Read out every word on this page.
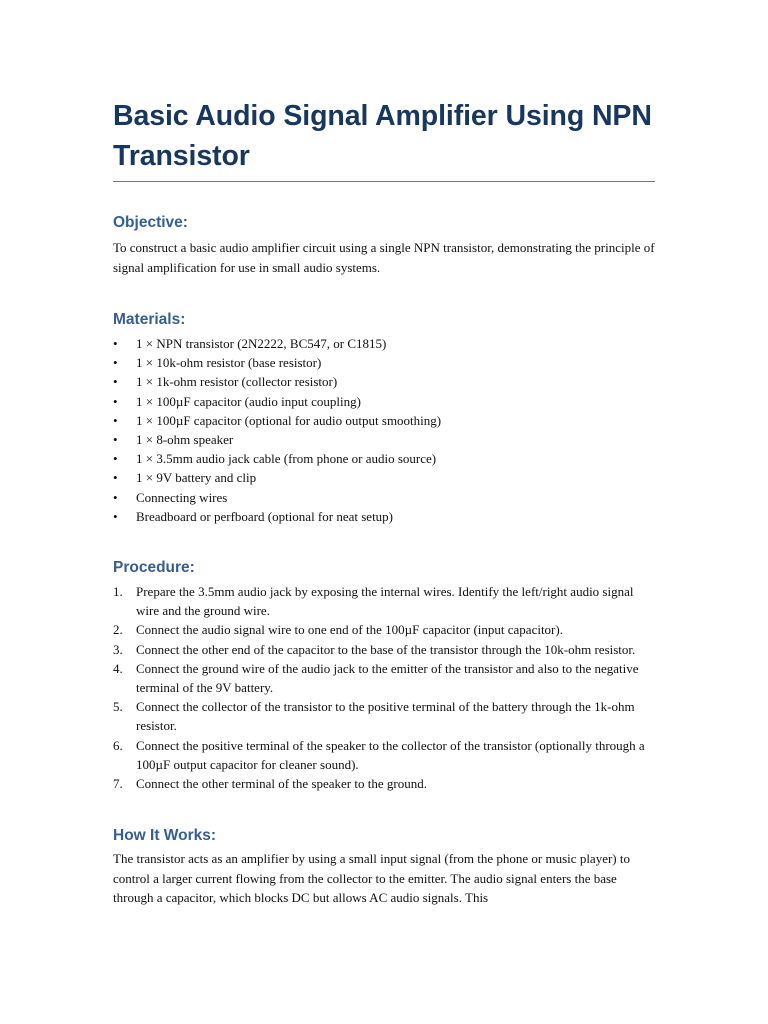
Basic Audio Signal Amplifier Using NPN Transistor
Objective:

To construct a basic audio amplifier circuit using a single NPN transistor, demonstrating the principle of signal amplification for use in small audio systems.

Materials:
• 1 × NPN transistor (2N2222, BC547, or C1815)
• 1 × 10k-ohm resistor (base resistor)
• 1 × 1k-ohm resistor (collector resistor)
• 1 × 100µF capacitor (audio input coupling)
• 1 × 100µF capacitor (optional for audio output smoothing)
• 1 × 8-ohm speaker
• 1 × 3.5mm audio jack cable (from phone or audio source)
• 1 × 9V battery and clip
• Connecting wires
• Breadboard or perfboard (optional for neat setup)
Procedure:
1. Prepare the 3.5mm audio jack by exposing the internal wires. Identify the left/right audio signal wire and the ground wire.
2. Connect the audio signal wire to one end of the 100µF capacitor (input capacitor).
3. Connect the other end of the capacitor to the base of the transistor through the 10k-ohm resistor.
4. Connect the ground wire of the audio jack to the emitter of the transistor and also to the negative terminal of the 9V battery.
5. Connect the collector of the transistor to the positive terminal of the battery through the 1k-ohm resistor.
6. Connect the positive terminal of the speaker to the collector of the transistor (optionally through a 100µF output capacitor for cleaner sound).
7. Connect the other terminal of the speaker to the ground.
How It Works:

The transistor acts as an amplifier by using a small input signal (from the phone or music player) to control a larger current flowing from the collector to the emitter. The audio signal enters the base through a capacitor, which blocks DC but allows AC audio signals. This
